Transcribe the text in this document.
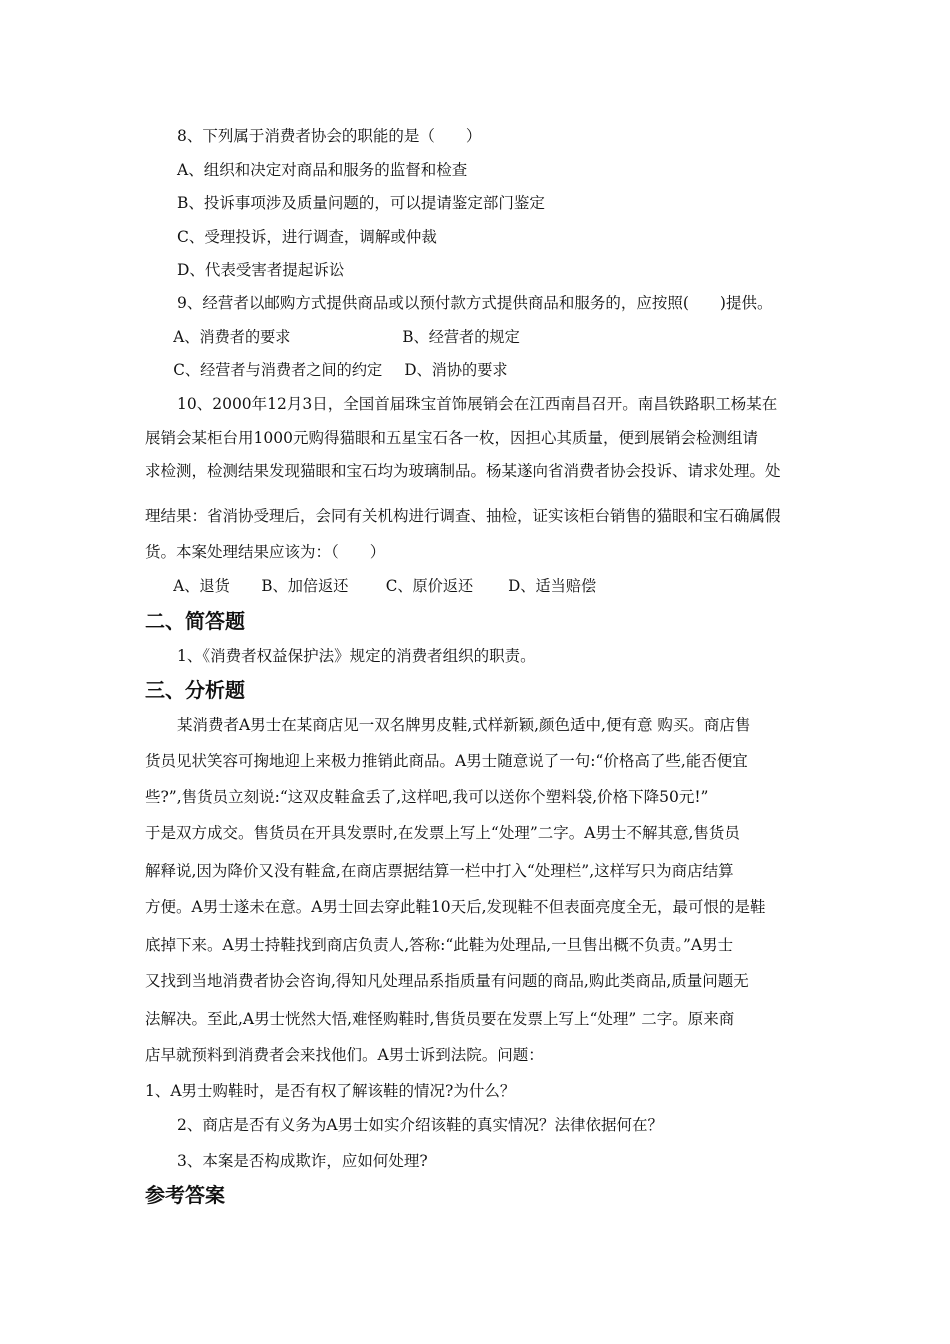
8、下列属于消费者协会的职能的是（　　）
A、组织和决定对商品和服务的监督和检查
B、投诉事项涉及质量问题的，可以提请鉴定部门鉴定
C、受理投诉，进行调查，调解或仲裁
D、代表受害者提起诉讼
9、经营者以邮购方式提供商品或以预付款方式提供商品和服务的，应按照(　　)提供。
A、消费者的要求	B、经营者的规定
C、经营者与消费者之间的约定 D、消协的要求
10、2000年12月3日，全国首届珠宝首饰展销会在江西南昌召开。南昌铁路职工杨某在
展销会某柜台用1000元购得猫眼和五星宝石各一枚，因担心其质量，便到展销会检测组请
求检测，检测结果发现猫眼和宝石均为玻璃制品。杨某遂向省消费者协会投诉、请求处理。处
理结果：省消协受理后，会同有关机构进行调查、抽检，证实该柜台销售的猫眼和宝石确属假
货。本案处理结果应该为：（　　）
A、退货 B、加倍返还 C、原价返还 D、适当赔偿
二、简答题
1、《消费者权益保护法》规定的消费者组织的职责。
三、分析题
某消费者A男士在某商店见一双名牌男皮鞋,式样新颖,颜色适中,便有意 购买。商店售
货员见状笑容可掬地迎上来极力推销此商品。A男士随意说了一句:“价格高了些,能否便宜
些?”,售货员立刻说:“这双皮鞋盒丢了,这样吧,我可以送你个塑料袋,价格下降50元!”
于是双方成交。售货员在开具发票时,在发票上写上“处理”二字。A男士不解其意,售货员
解释说,因为降价又没有鞋盒,在商店票据结算一栏中打入“处理栏”,这样写只为商店结算
方便。A男士遂未在意。A男士回去穿此鞋10天后,发现鞋不但表面亮度全无，最可恨的是鞋
底掉下来。A男士持鞋找到商店负责人,答称:“此鞋为处理品,一旦售出概不负责。”A男士
又找到当地消费者协会咨询,得知凡处理品系指质量有问题的商品,购此类商品,质量问题无
法解决。至此,A男士恍然大悟,难怪购鞋时,售货员要在发票上写上“处理” 二字。原来商
店早就预料到消费者会来找他们。A男士诉到法院。问题：
1、A男士购鞋时，是否有权了解该鞋的情况?为什么？
2、商店是否有义务为A男士如实介绍该鞋的真实情况？法律依据何在？
3、本案是否构成欺诈，应如何处理?
参考答案
